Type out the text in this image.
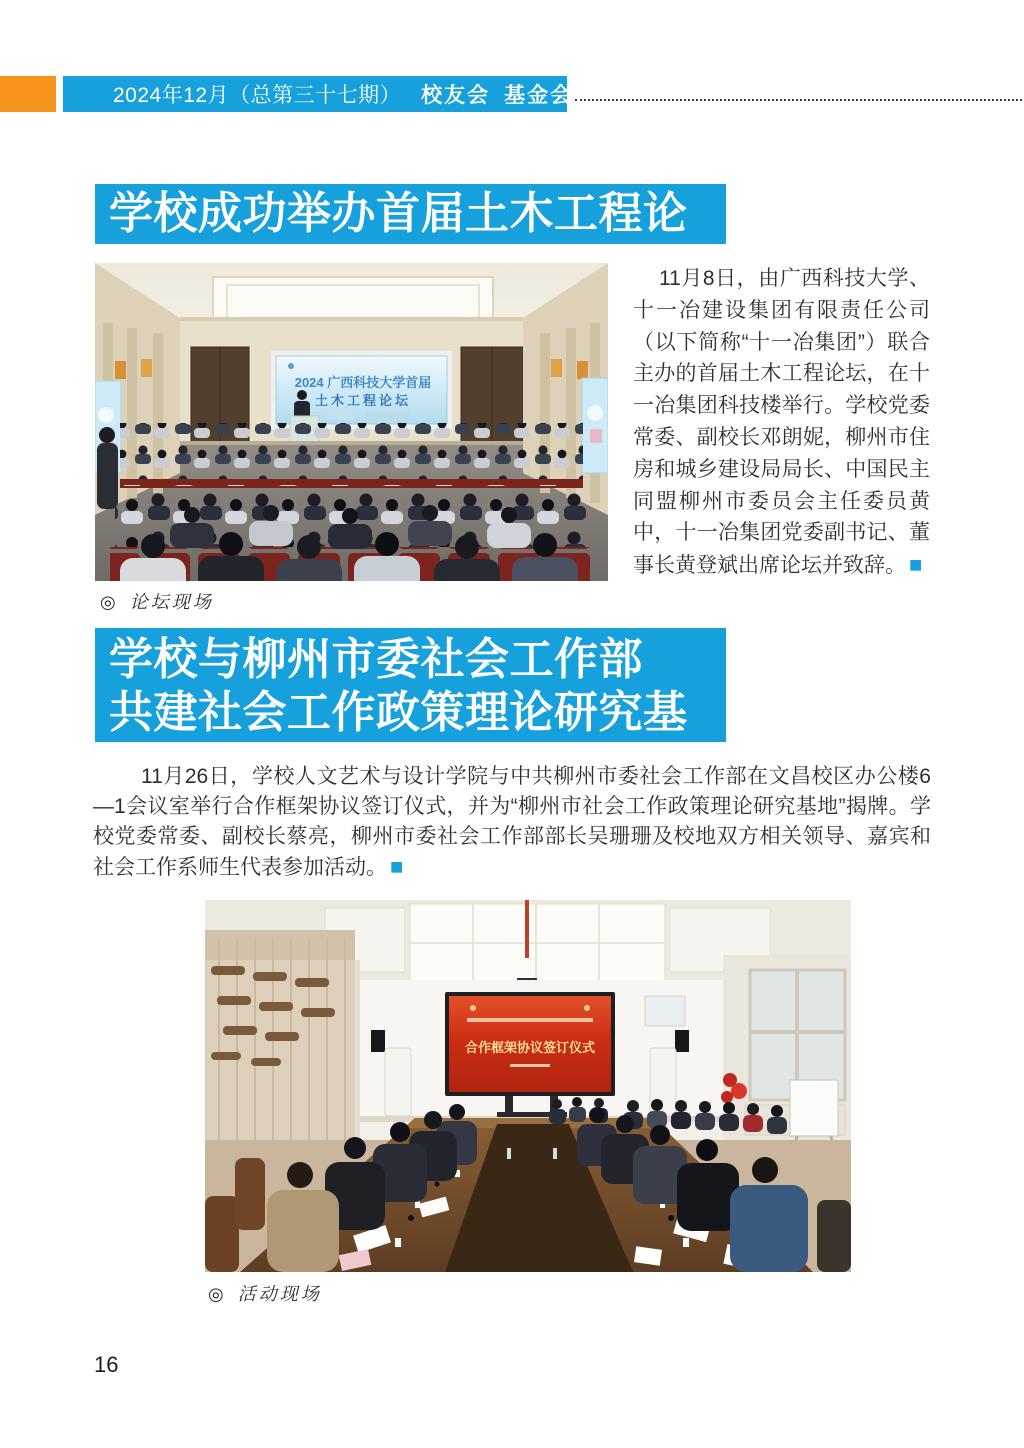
2024年12月（总第三十七期） 校友会 基金会
学校成功举办首届土木工程论
2024 广西科技大学首届
土木工程论坛

11月8日，由广西科技大学、十一冶建设集团有限责任公司（以下简称“十一冶集团”）联合主办的首届土木工程论坛，在十一冶集团科技楼举行。学校党委常委、副校长邓朗妮，柳州市住房和城乡建设局局长、中国民主同盟柳州市委员会主任委员黄中，十一冶集团党委副书记、董事长黄登斌出席论坛并致辞。 ■

◎ 论坛现场
学校与柳州市委社会工作部
共建社会工作政策理论研究基地

11月26日，学校人文艺术与设计学院与中共柳州市委社会工作部在文昌校区办公楼6—1会议室举行合作框架协议签订仪式，并为“柳州市社会工作政策理论研究基地”揭牌。学校党委常委、副校长蔡亮，柳州市委社会工作部部长吴珊珊及校地双方相关领导、嘉宾和社会工作系师生代表参加活动。 ■

合作框架协议签订仪式
◎ 活动现场
16
